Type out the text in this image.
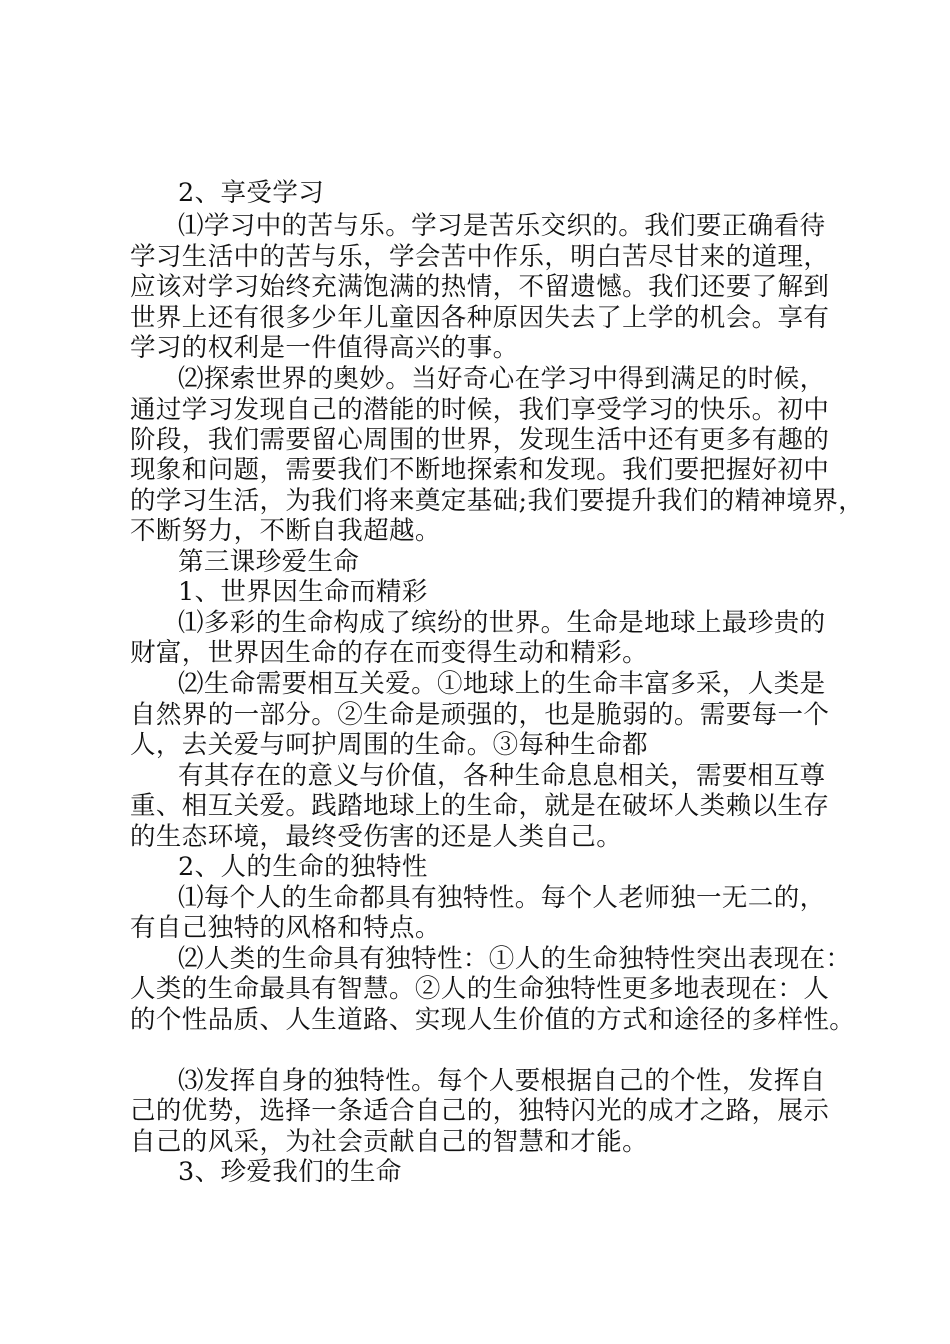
2、享受学习
⑴学习中的苦与乐。学习是苦乐交织的。我们要正确看待
学习生活中的苦与乐，学会苦中作乐，明白苦尽甘来的道理，
应该对学习始终充满饱满的热情，不留遗憾。我们还要了解到
世界上还有很多少年儿童因各种原因失去了上学的机会。享有
学习的权利是一件值得高兴的事。
⑵探索世界的奥妙。当好奇心在学习中得到满足的时候，
通过学习发现自己的潜能的时候，我们享受学习的快乐。初中
阶段，我们需要留心周围的世界，发现生活中还有更多有趣的
现象和问题，需要我们不断地探索和发现。我们要把握好初中
的学习生活，为我们将来奠定基础;我们要提升我们的精神境界，
不断努力，不断自我超越。
第三课珍爱生命
1、世界因生命而精彩
⑴多彩的生命构成了缤纷的世界。生命是地球上最珍贵的
财富，世界因生命的存在而变得生动和精彩。
⑵生命需要相互关爱。①地球上的生命丰富多采，人类是
自然界的一部分。②生命是顽强的，也是脆弱的。需要每一个
人，去关爱与呵护周围的生命。③每种生命都
有其存在的意义与价值，各种生命息息相关，需要相互尊
重、相互关爱。践踏地球上的生命，就是在破坏人类赖以生存
的生态环境，最终受伤害的还是人类自己。
2、人的生命的独特性
⑴每个人的生命都具有独特性。每个人老师独一无二的，
有自己独特的风格和特点。
⑵人类的生命具有独特性：①人的生命独特性突出表现在：
人类的生命最具有智慧。②人的生命独特性更多地表现在：人
的个性品质、人生道路、实现人生价值的方式和途径的多样性。
⑶发挥自身的独特性。每个人要根据自己的个性，发挥自
己的优势，选择一条适合自己的，独特闪光的成才之路，展示
自己的风采，为社会贡献自己的智慧和才能。
3、珍爱我们的生命
